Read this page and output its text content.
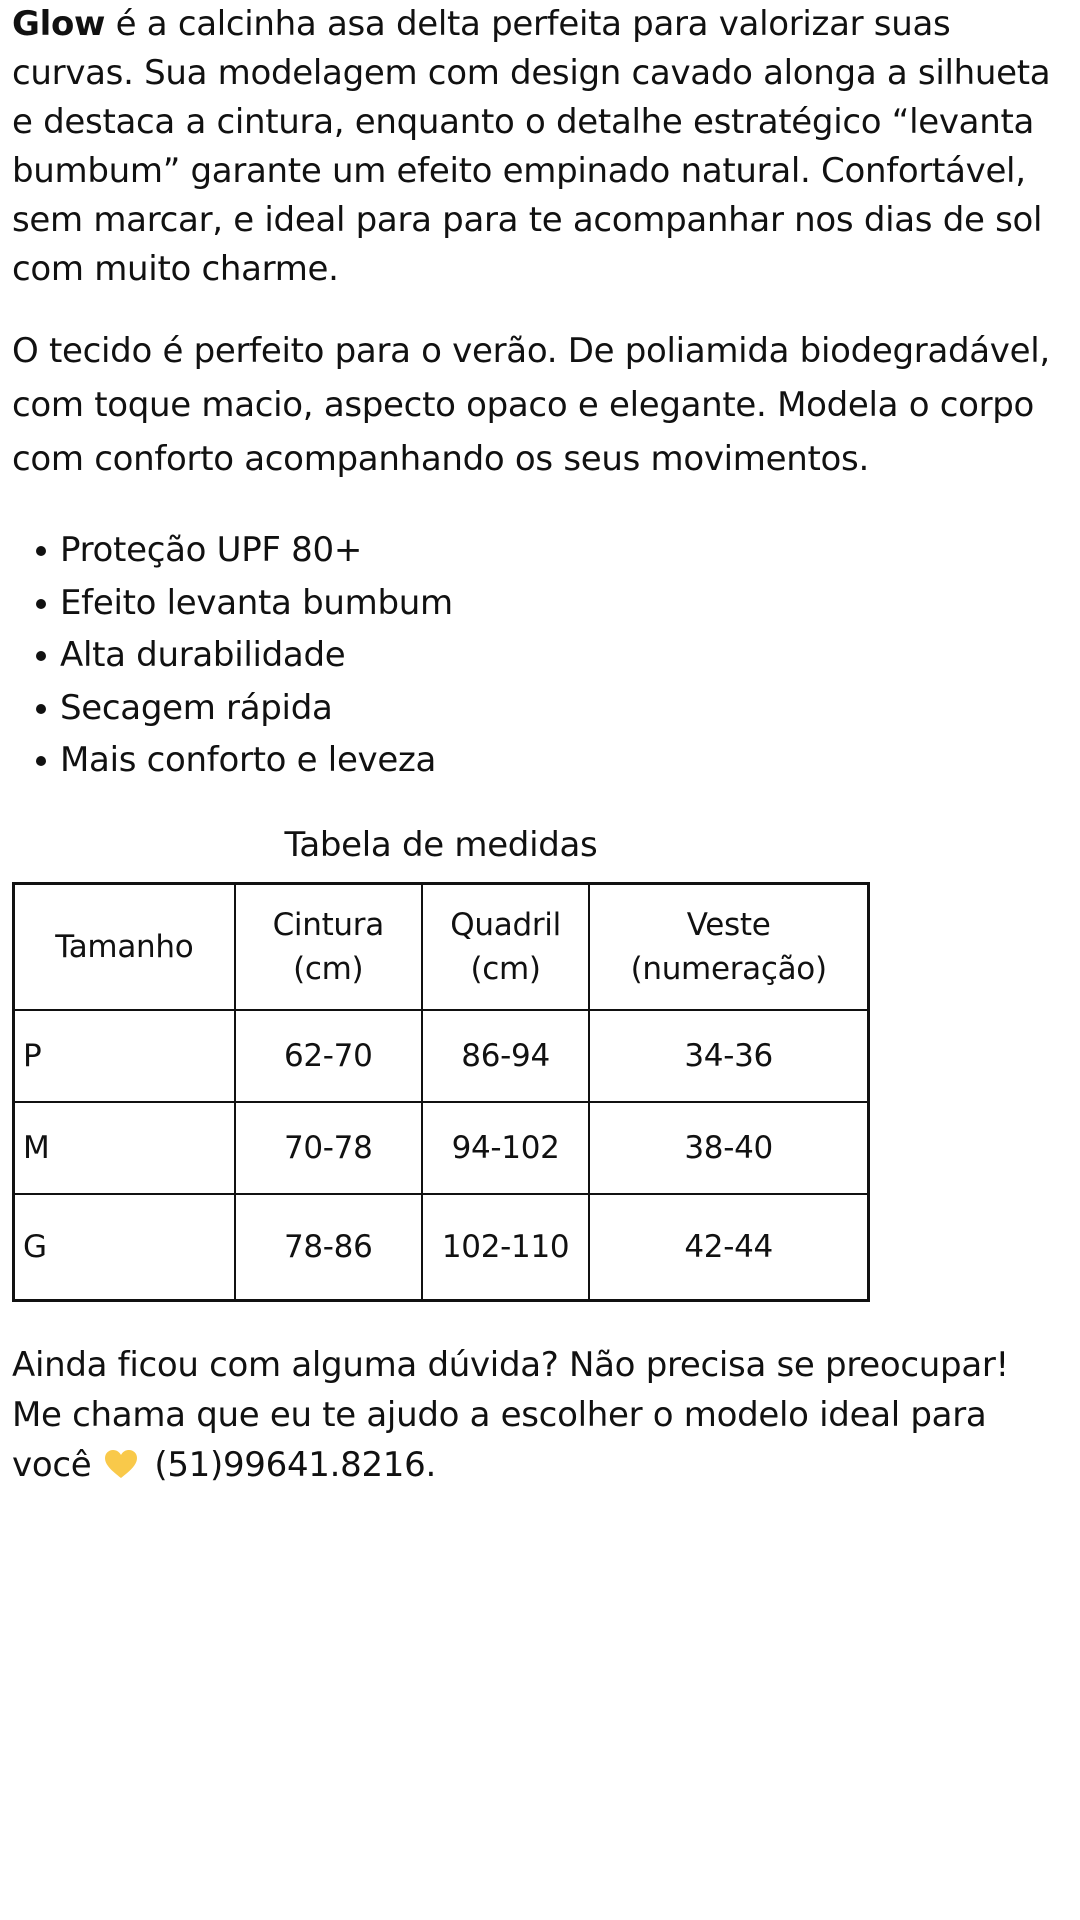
Glow é a calcinha asa delta perfeita para valorizar suas curvas. Sua modelagem com design cavado alonga a silhueta e destaca a cintura, enquanto o detalhe estratégico “levanta bumbum” garante um efeito empinado natural. Confortável, sem marcar, e ideal para para te acompanhar nos dias de sol com muito charme.

O tecido é perfeito para o verão. De poliamida biodegradável, com toque macio, aspecto opaco e elegante. Modela o corpo com conforto acompanhando os seus movimentos.

Proteção UPF 80+
Efeito levanta bumbum
Alta durabilidade
Secagem rápida
Mais conforto e leveza
Tabela de medidas
Tamanho	Cintura (cm)	Quadril (cm)	Veste (numeração)
P	62-70	86-94	34-36
M	70-78	94-102	38-40
G	78-86	102-110	42-44

Ainda ficou com alguma dúvida? Não precisa se preocupar! Me chama que eu te ajudo a escolher o modelo ideal para você
(51)99641.8216.
